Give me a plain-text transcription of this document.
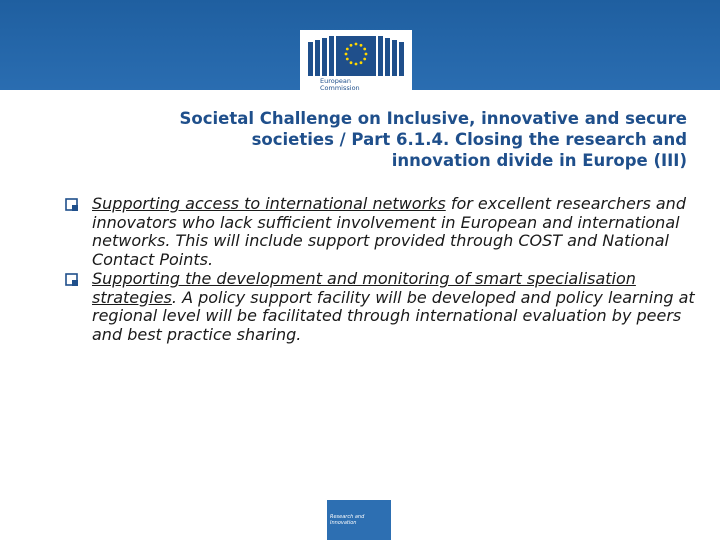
European
Commission
Societal Challenge on Inclusive, innovative and secure
societies / Part 6.1.4. Closing the research and
innovation divide in Europe (III)
Supporting access to international networks for excellent researchers and innovators who lack sufficient involvement in European and international networks. This will include support provided through COST and National Contact Points.
Supporting the development and monitoring of smart specialisation strategies. A policy support facility will be developed and policy learning at regional level will be facilitated through international evaluation by peers and best practice sharing.
Research and
Innovation
